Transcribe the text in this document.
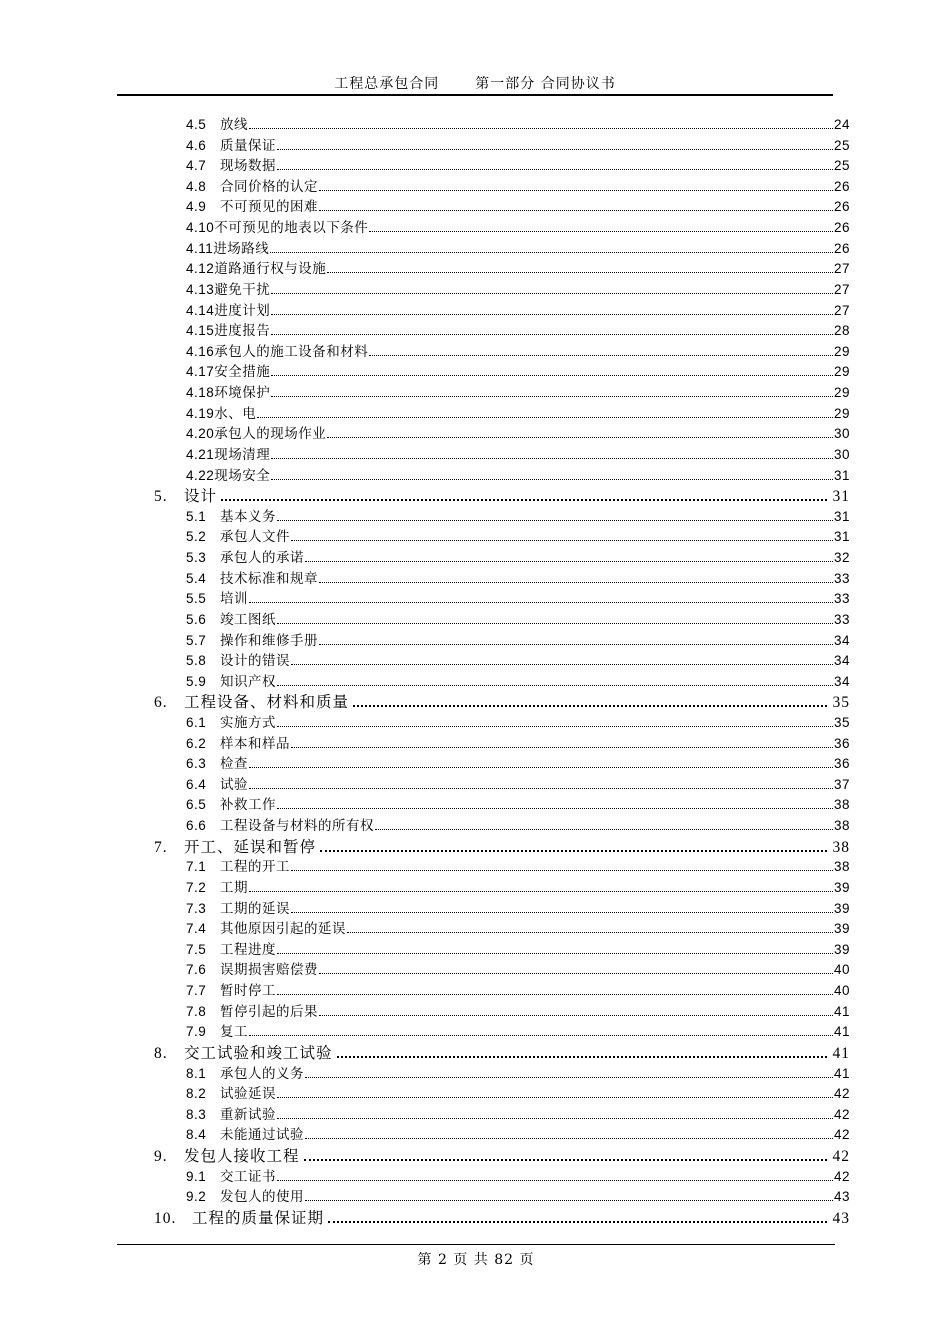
工程总承包合同	第一部分 合同协议书
4.5	放线	24
4.6	质量保证	25
4.7	现场数据	25
4.8	合同价格的认定	26
4.9	不可预见的困难	26
4.10 不可预见的地表以下条件	26
4.11 进场路线	26
4.12 道路通行权与设施	27
4.13 避免干扰	27
4.14 进度计划	27
4.15 进度报告	28
4.16 承包人的施工设备和材料	29
4.17 安全措施	29
4.18 环境保护	29
4.19 水、电	29
4.20 承包人的现场作业	30
4.21 现场清理	30
4.22 现场安全	31
5.	设计	31
5.1	基本义务	31
5.2	承包人文件	31
5.3	承包人的承诺	32
5.4	技术标准和规章	33
5.5	培训	33
5.6	竣工图纸	33
5.7	操作和维修手册	34
5.8	设计的错误	34
5.9	知识产权	34
6.	工程设备、材料和质量	35
6.1	实施方式	35
6.2	样本和样品	36
6.3	检查	36
6.4	试验	37
6.5	补救工作	38
6.6	工程设备与材料的所有权	38
7.	开工、延误和暂停	38
7.1	工程的开工	38
7.2	工期	39
7.3	工期的延误	39
7.4	其他原因引起的延误	39
7.5	工程进度	39
7.6	误期损害赔偿费	40
7.7	暂时停工	40
7.8	暂停引起的后果	41
7.9	复工	41
8.	交工试验和竣工试验	41
8.1	承包人的义务	41
8.2	试验延误	42
8.3	重新试验	42
8.4	未能通过试验	42
9.	发包人接收工程	42
9.1	交工证书	42
9.2	发包人的使用	43
10.	工程的质量保证期	43
第 2 页 共 82 页
